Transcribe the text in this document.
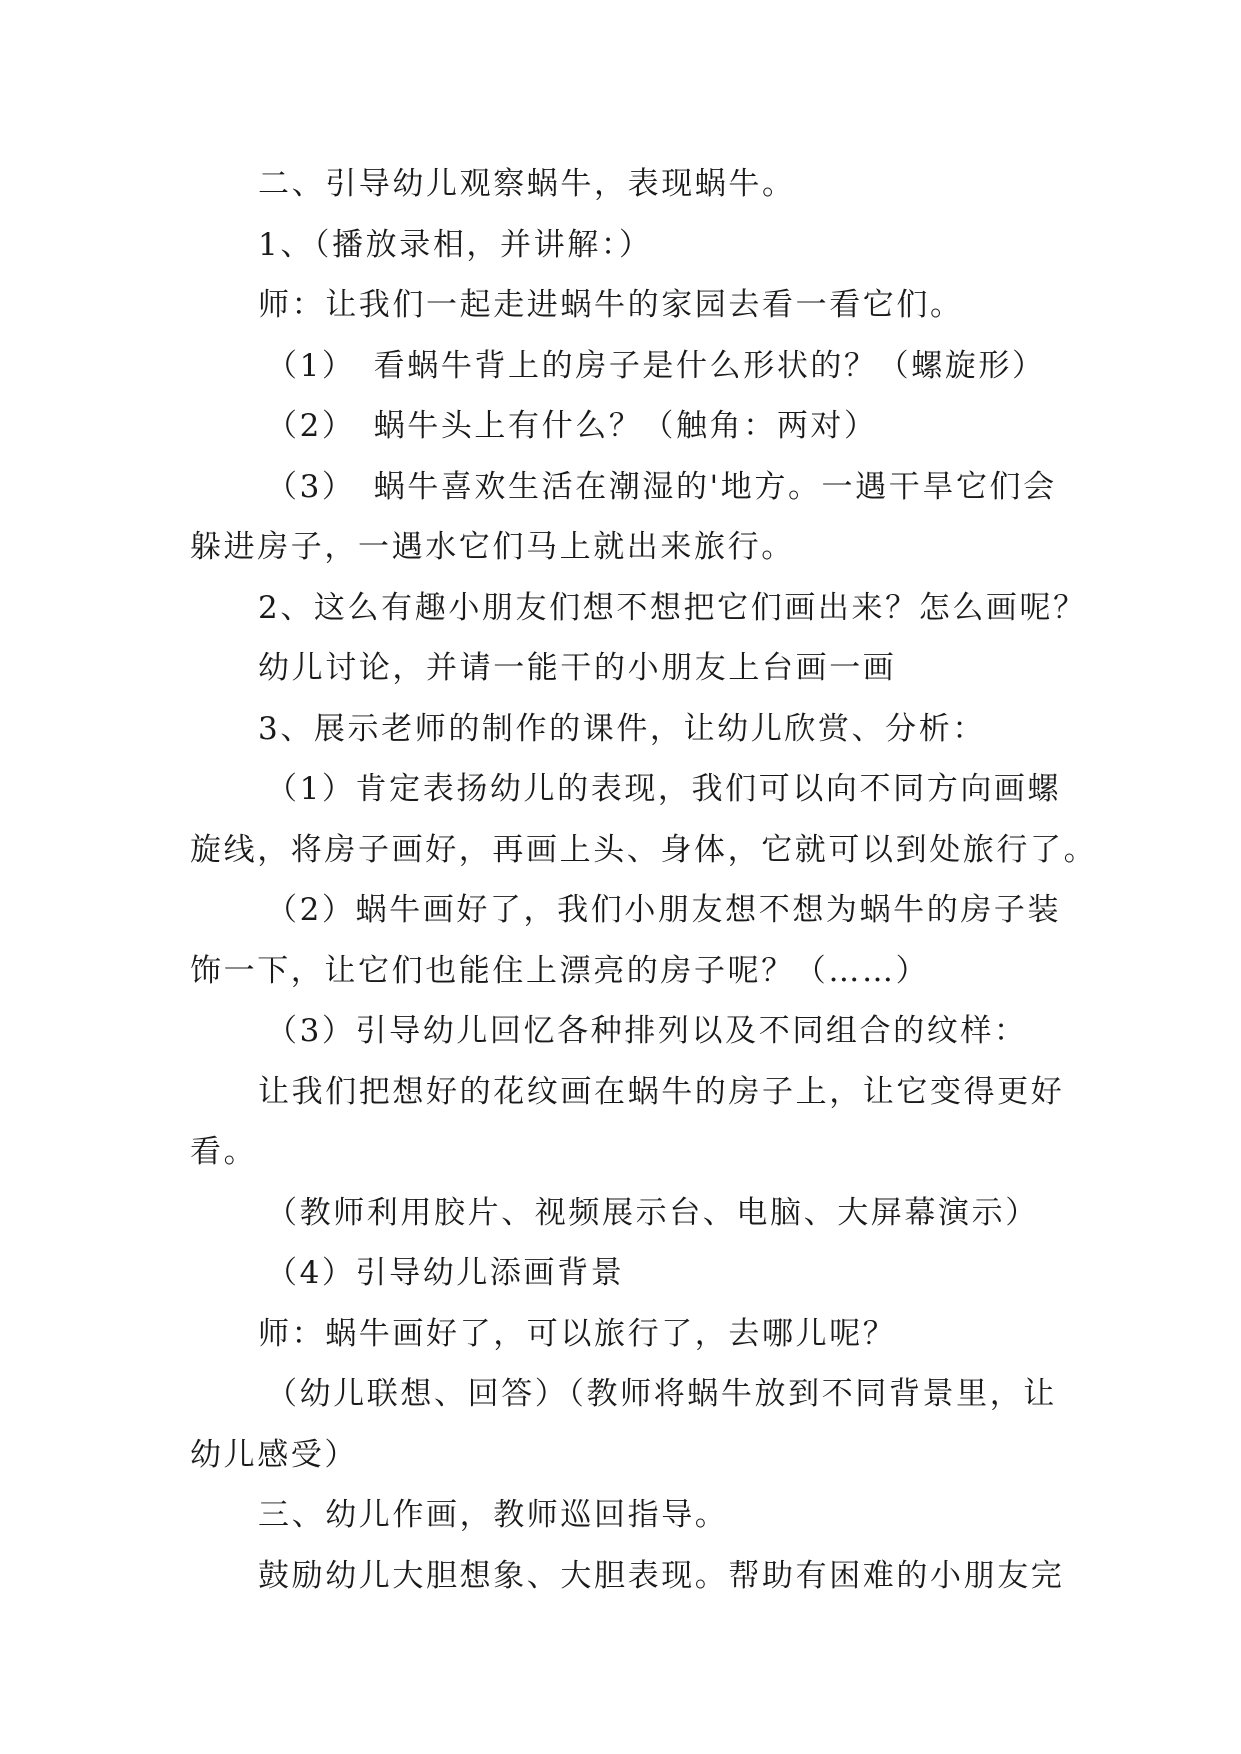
二、引导幼儿观察蜗牛，表现蜗牛。
1、（播放录相，并讲解：）
师：让我们一起走进蜗牛的家园去看一看它们。
（1）　看蜗牛背上的房子是什么形状的？（螺旋形）
（2）　蜗牛头上有什么？（触角：两对）
（3）　蜗牛喜欢生活在潮湿的'地方。一遇干旱它们会
躲进房子，一遇水它们马上就出来旅行。
2、这么有趣小朋友们想不想把它们画出来？怎么画呢？
幼儿讨论，并请一能干的小朋友上台画一画
3、展示老师的制作的课件，让幼儿欣赏、分析：
（1）肯定表扬幼儿的表现，我们可以向不同方向画螺
旋线，将房子画好，再画上头、身体，它就可以到处旅行了。
（2）蜗牛画好了，我们小朋友想不想为蜗牛的房子装
饰一下，让它们也能住上漂亮的房子呢？（……）
（3）引导幼儿回忆各种排列以及不同组合的纹样：
让我们把想好的花纹画在蜗牛的房子上，让它变得更好
看。
（教师利用胶片、视频展示台、电脑、大屏幕演示）
（4）引导幼儿添画背景
师：蜗牛画好了，可以旅行了，去哪儿呢？
（幼儿联想、回答）（教师将蜗牛放到不同背景里，让
幼儿感受）
三、幼儿作画，教师巡回指导。
鼓励幼儿大胆想象、大胆表现。帮助有困难的小朋友完
